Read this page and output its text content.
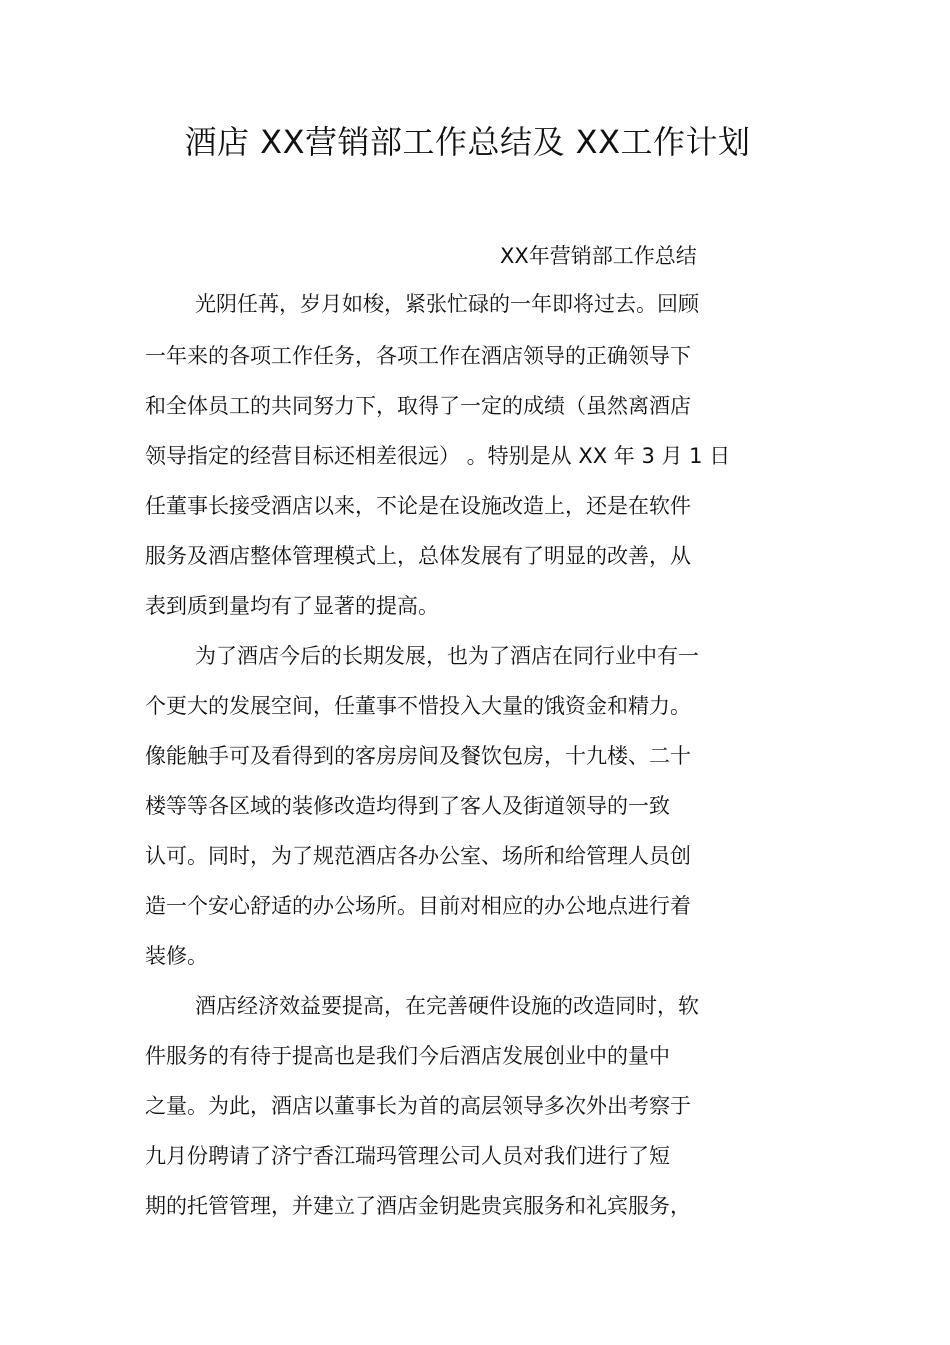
酒店 XX营销部工作总结及 XX工作计划
XX年营销部工作总结
光阴任苒，岁月如梭，紧张忙碌的一年即将过去。回顾
一年来的各项工作任务，各项工作在酒店领导的正确领导下
和全体员工的共同努力下，取得了一定的成绩（虽然离酒店
领导指定的经营目标还相差很远） 。特别是从 XX 年 3 月 1 日
任董事长接受酒店以来，不论是在设施改造上，还是在软件
服务及酒店整体管理模式上，总体发展有了明显的改善，从
表到质到量均有了显著的提高。
为了酒店今后的长期发展，也为了酒店在同行业中有一
个更大的发展空间，任董事不惜投入大量的饿资金和精力。
像能触手可及看得到的客房房间及餐饮包房，十九楼、二十
楼等等各区域的装修改造均得到了客人及街道领导的一致
认可。同时，为了规范酒店各办公室、场所和给管理人员创
造一个安心舒适的办公场所。目前对相应的办公地点进行着
装修。
酒店经济效益要提高，在完善硬件设施的改造同时，软
件服务的有待于提高也是我们今后酒店发展创业中的量中
之量。为此，酒店以董事长为首的高层领导多次外出考察于
九月份聘请了济宁香江瑞玛管理公司人员对我们进行了短
期的托管管理，并建立了酒店金钥匙贵宾服务和礼宾服务，
